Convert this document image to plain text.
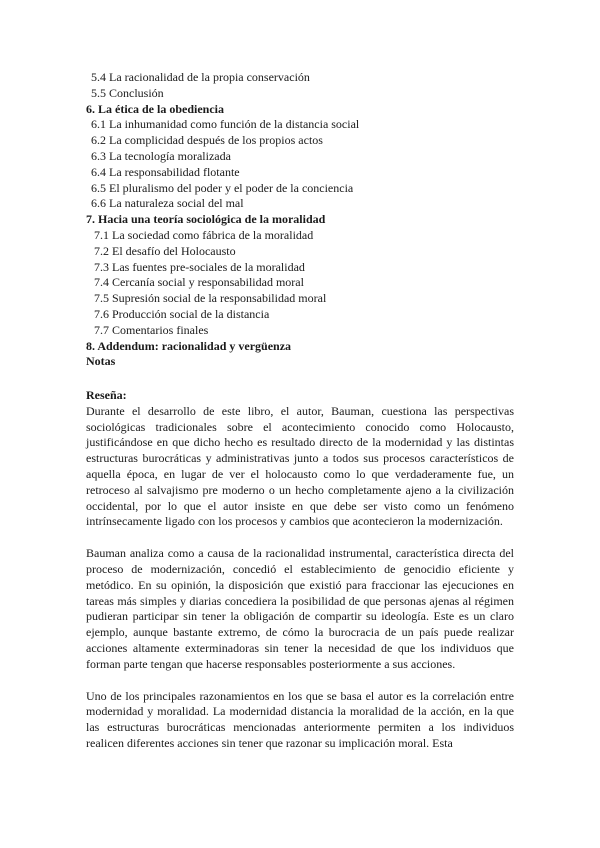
5.4 La racionalidad de la propia conservación

5.5 Conclusión

6. La ética de la obediencia

6.1 La inhumanidad como función de la distancia social

6.2 La complicidad después de los propios actos

6.3 La tecnología moralizada

6.4 La responsabilidad flotante

6.5 El pluralismo del poder y el poder de la conciencia

6.6 La naturaleza social del mal

7. Hacia una teoría sociológica de la moralidad

7.1 La sociedad como fábrica de la moralidad

7.2 El desafío del Holocausto

7.3 Las fuentes pre-sociales de la moralidad

7.4 Cercanía social y responsabilidad moral

7.5 Supresión social de la responsabilidad moral

7.6 Producción social de la distancia

7.7 Comentarios finales

8. Addendum: racionalidad y vergüenza

Notas

Reseña:

Durante el desarrollo de este libro, el autor, Bauman, cuestiona las perspectivas sociológicas tradicionales sobre el acontecimiento conocido como Holocausto, justificándose en que dicho hecho es resultado directo de la modernidad y las distintas estructuras burocráticas y administrativas junto a todos sus procesos característicos de aquella época, en lugar de ver el holocausto como lo que verdaderamente fue, un retroceso al salvajismo pre moderno o un hecho completamente ajeno a la civilización occidental, por lo que el autor insiste en que debe ser visto como un fenómeno intrínsecamente ligado con los procesos y cambios que acontecieron la modernización.

Bauman analiza como a causa de la racionalidad instrumental, característica directa del proceso de modernización, concedió el establecimiento de genocidio eficiente y metódico. En su opinión, la disposición que existió para fraccionar las ejecuciones en tareas más simples y diarias concediera la posibilidad de que personas ajenas al régimen pudieran participar sin tener la obligación de compartir su ideología. Este es un claro ejemplo, aunque bastante extremo, de cómo la burocracia de un país puede realizar acciones altamente exterminadoras sin tener la necesidad de que los individuos que forman parte tengan que hacerse responsables posteriormente a sus acciones.

Uno de los principales razonamientos en los que se basa el autor es la correlación entre modernidad y moralidad. La modernidad distancia la moralidad de la acción, en la que las estructuras burocráticas mencionadas anteriormente permiten a los individuos realicen diferentes acciones sin tener que razonar su implicación moral. Esta
